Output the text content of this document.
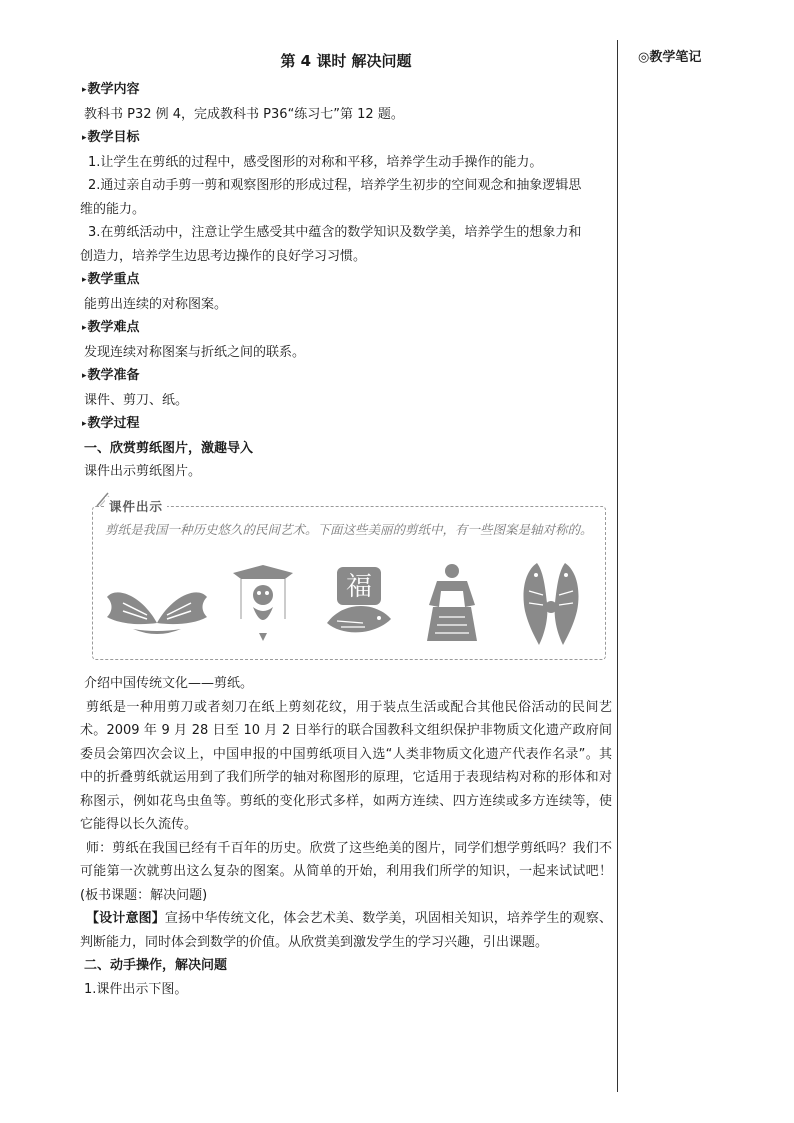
第 4 课时 解决问题
▸ 教学内容
教科书 P32 例 4，完成教科书 P36“练习七”第 12 题。
▸ 教学目标
1.让学生在剪纸的过程中，感受图形的对称和平移，培养学生动手操作的能力。
2.通过亲自动手剪一剪和观察图形的形成过程，培养学生初步的空间观念和抽象逻辑思
维的能力。
3.在剪纸活动中，注意让学生感受其中蕴含的数学知识及数学美，培养学生的想象力和
创造力，培养学生边思考边操作的良好学习习惯。
▸ 教学重点
能剪出连续的对称图案。
▸ 教学难点
发现连续对称图案与折纸之间的联系。
▸ 教学准备
课件、剪刀、纸。
▸ 教学过程
一、欣赏剪纸图片，激趣导入
课件出示剪纸图片。
◎教学笔记
课件出示
剪纸是我国一种历史悠久的民间艺术。下面这些美丽的剪纸中，有一些图案是轴对称的。
福
介绍中国传统文化——剪纸。
剪纸是一种用剪刀或者刻刀在纸上剪刻花纹，用于装点生活或配合其他民俗活动的民间艺术。2009 年 9 月 28 日至 10 月 2 日举行的联合国教科文组织保护非物质文化遗产政府间委员会第四次会议上，中国申报的中国剪纸项目入选“人类非物质文化遗产代表作名录”。其中的折叠剪纸就运用到了我们所学的轴对称图形的原理，它适用于表现结构对称的形体和对称图示，例如花鸟虫鱼等。剪纸的变化形式多样，如两方连续、四方连续或多方连续等，使它能得以长久流传。
师：剪纸在我国已经有千百年的历史。欣赏了这些绝美的图片，同学们想学剪纸吗？我们不可能第一次就剪出这么复杂的图案。从简单的开始，利用我们所学的知识，一起来试试吧！(板书课题：解决问题)
【设计意图】宣扬中华传统文化，体会艺术美、数学美，巩固相关知识，培养学生的观察、判断能力，同时体会到数学的价值。从欣赏美到激发学生的学习兴趣，引出课题。
二、动手操作，解决问题
1.课件出示下图。
